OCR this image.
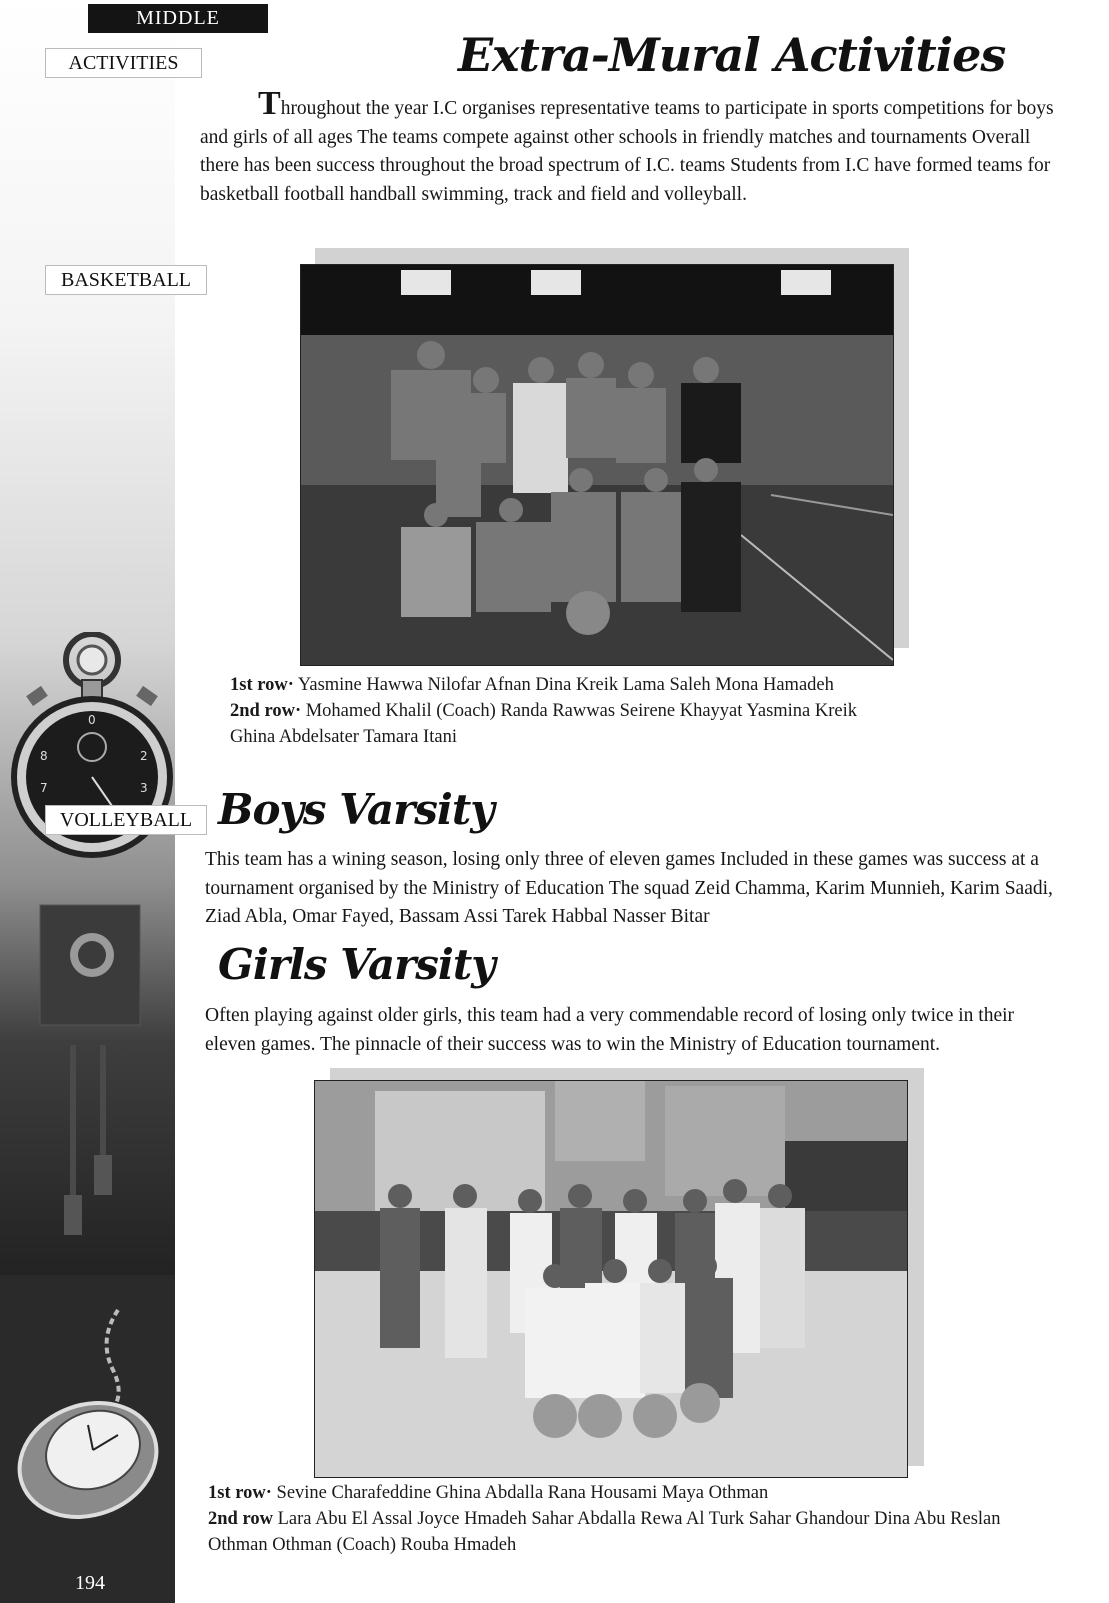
MIDDLE
ACTIVITIES
BASKETBALL
0
8	2
7	3
VOLLEYBALL
194
Extra-Mural Activities

Throughout the year I.C organises representative teams to participate in sports competitions for boys and girls of all ages The teams compete against other schools in friendly matches and tournaments Overall there has been success throughout the broad spectrum of I.C. teams Students from I.C have formed teams for basketball football handball swimming, track and field and volleyball.

1st row· Yasmine Hawwa Nilofar Afnan Dina Kreik Lama Saleh Mona Hamadeh
2nd row· Mohamed Khalil (Coach) Randa Rawwas Seirene Khayyat Yasmina Kreik
Ghina Abdelsater Tamara Itani

Boys Varsity

This team has a wining season, losing only three of eleven games Included in these games was success at a tournament organised by the Ministry of Education The squad Zeid Chamma, Karim Munnieh, Karim Saadi, Ziad Abla, Omar Fayed, Bassam Assi Tarek Habbal Nasser Bitar

Girls Varsity

Often playing against older girls, this team had a very commendable record of losing only twice in their eleven games. The pinnacle of their success was to win the Ministry of Education tournament.

1st row· Sevine Charafeddine Ghina Abdalla Rana Housami Maya Othman
2nd row Lara Abu El Assal Joyce Hmadeh Sahar Abdalla Rewa Al Turk Sahar Ghandour Dina Abu Reslan
Othman Othman (Coach) Rouba Hmadeh
